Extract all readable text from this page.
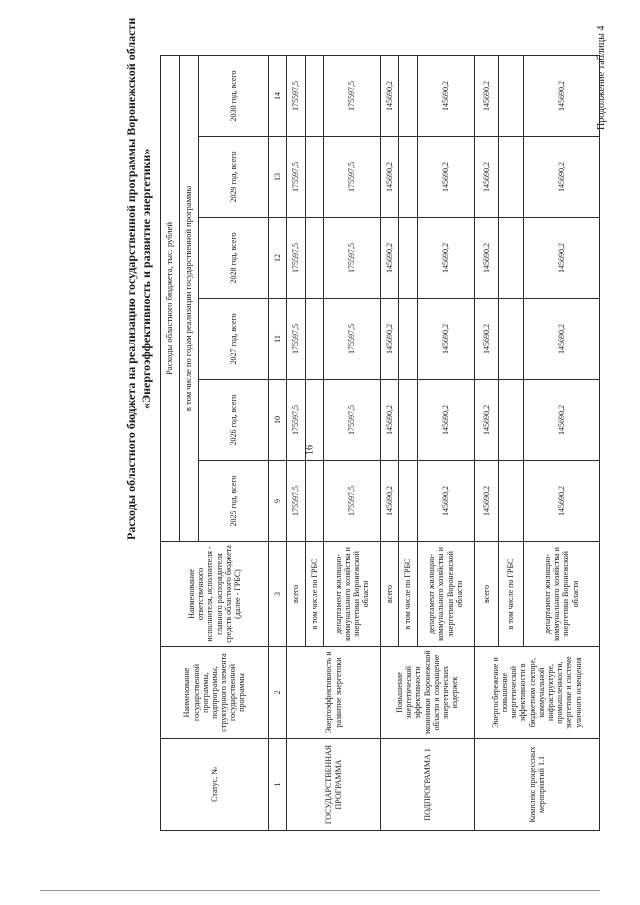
16
Расходы областного бюджета на реализацию государственной программы Воронежской области «Энергоэффективность и развитие энергетики»
Продолжение таблицы 4
Статус, №	Наименование государственной программы, подпрограммы, структурного элемента государственной программы	Наименование ответственного исполнителя, исполнителя - главного распорядителя средств областного бюджета (далее - ГРБС)	Расходы областного бюджета, тыс. рублей					
			в том числе по годам реализации государственной программы					
			2025 год, всего	2026 год, всего	2027 год, всего	2028 год, всего	2029 год, всего	2030 год, всего
1	2	3	9	10	11	12	13	14
ГОСУДАРСТВЕННАЯ ПРОГРАММА	Энергоэффективность и развитие энергетики	всего	175597,5	175597,5	175597,5	175597,5	175597,5	175597,5
		в том числе по ГРБС						
		департамент жилищно-коммунального хозяйства и энергетики Воронежской области	175597,5	175597,5	175597,5	175597,5	175597,5	175597,5
ПОДПРОГРАММА 1	Повышение энергетической эффективности экономики Воронежской области и сокращение энергетических издержек	всего	145690,2	145690,2	145690,2	145690,2	145690,2	145690,2
		в том числе по ГРБС						
		департамент жилищно-коммунального хозяйства и энергетики Воронежской области	145690,2	145690,2	145690,2	145690,2	145690,2	145690,2
Комплекс процессных мероприятий 1.1	Энергосбережение и повышение энергетической эффективности в бюджетном секторе, коммунальной инфраструктуре, промышленности, энергетике и системе уличного освещения	всего	145690,2	145690,2	145690,2	145690,2	145690,2	145690,2
		в том числе по ГРБС						
		департамент жилищно-коммунального хозяйства и энергетики Воронежской области	145690,2	145690,2	145690,2	145690,2	145690,2	145690,2
